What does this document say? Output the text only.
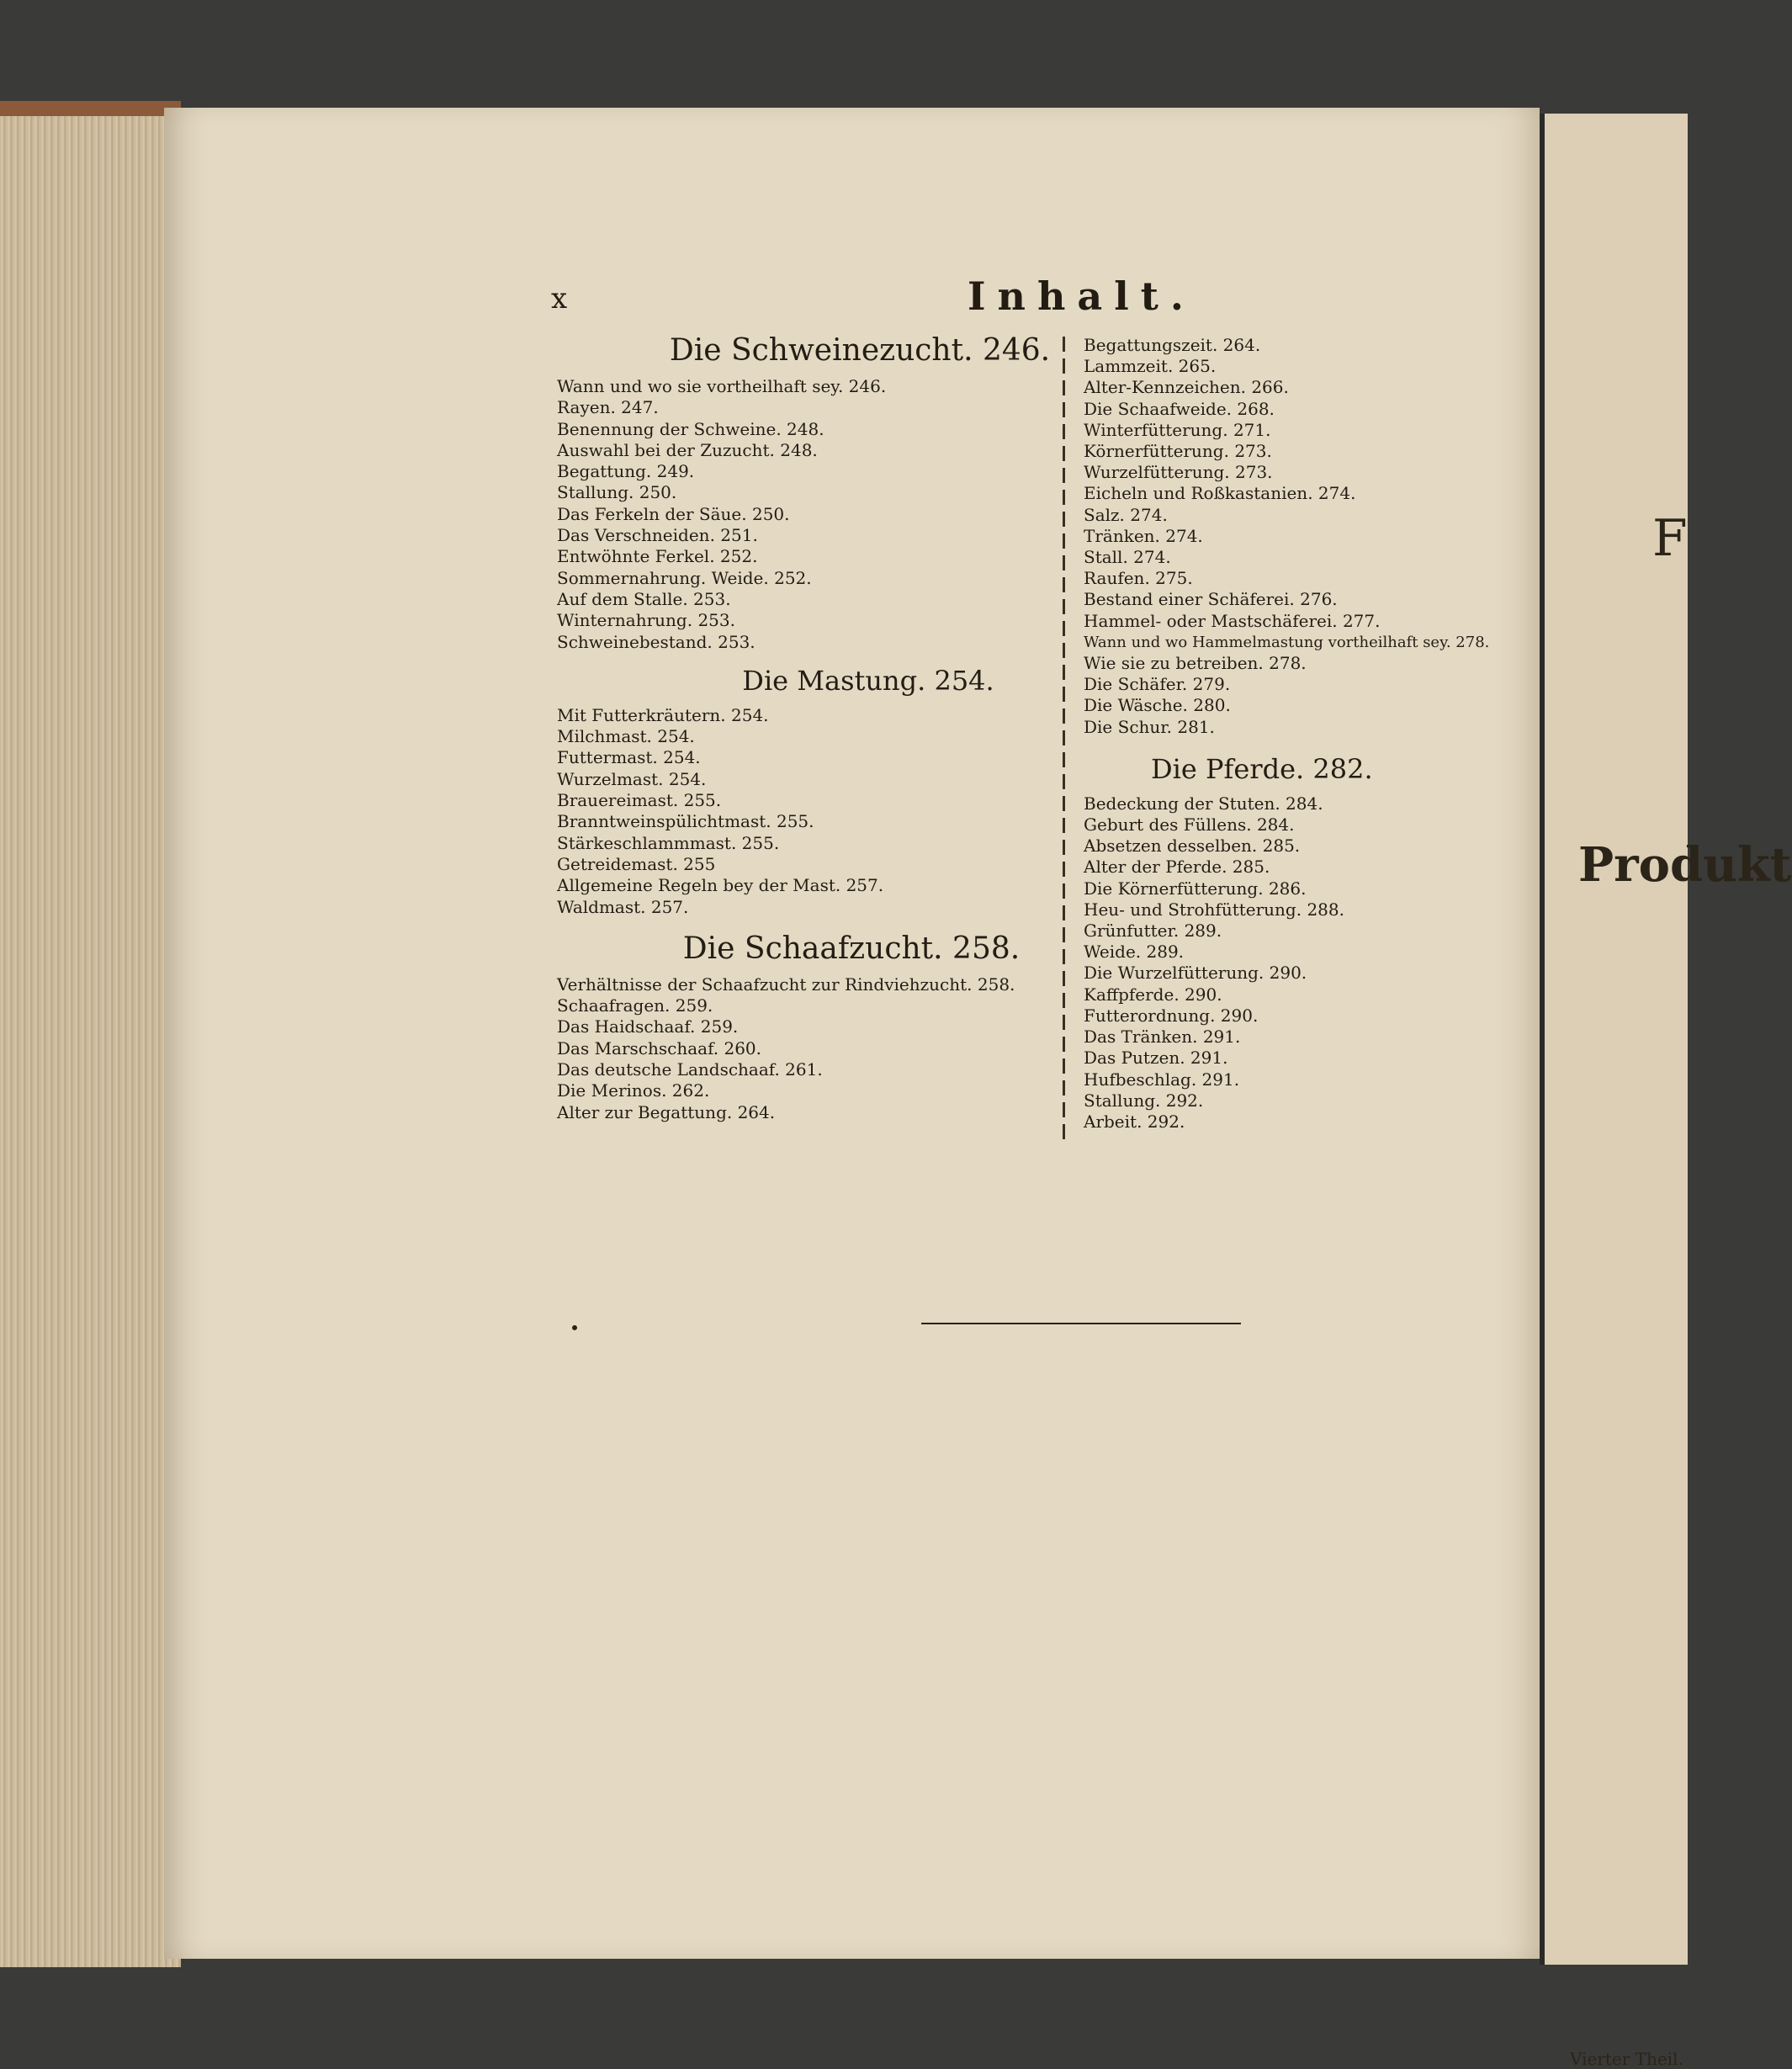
F
Produkt
Vierter Theil.
x	Inhalt.
Die Schweinezucht. 246.
Wann und wo sie vortheilhaft sey. 246.
Rayen. 247.
Benennung der Schweine. 248.
Auswahl bei der Zuzucht. 248.
Begattung. 249.
Stallung. 250.
Das Ferkeln der Säue. 250.
Das Verschneiden. 251.
Entwöhnte Ferkel. 252.
Sommernahrung. Weide. 252.
Auf dem Stalle. 253.
Winternahrung. 253.
Schweinebestand. 253.
Die Mastung. 254.
Mit Futterkräutern. 254.
Milchmast. 254.
Futtermast. 254.
Wurzelmast. 254.
Brauereimast. 255.
Branntweinspülichtmast. 255.
Stärkeschlammmast. 255.
Getreidemast. 255
Allgemeine Regeln bey der Mast. 257.
Waldmast. 257.
Die Schaafzucht. 258.
Verhältnisse der Schaafzucht zur Rindviehzucht. 258.
Schaafragen. 259.
Das Haidschaaf. 259.
Das Marschschaaf. 260.
Das deutsche Landschaaf. 261.
Die Merinos. 262.
Alter zur Begattung. 264.
Begattungszeit. 264.
Lammzeit. 265.
Alter-Kennzeichen. 266.
Die Schaafweide. 268.
Winterfütterung. 271.
Körnerfütterung. 273.
Wurzelfütterung. 273.
Eicheln und Roßkastanien. 274.
Salz. 274.
Tränken. 274.
Stall. 274.
Raufen. 275.
Bestand einer Schäferei. 276.
Hammel- oder Mastschäferei. 277.
Wann und wo Hammelmastung vortheilhaft sey. 278.
Wie sie zu betreiben. 278.
Die Schäfer. 279.
Die Wäsche. 280.
Die Schur. 281.
Die Pferde. 282.
Bedeckung der Stuten. 284.
Geburt des Füllens. 284.
Absetzen desselben. 285.
Alter der Pferde. 285.
Die Körnerfütterung. 286.
Heu- und Strohfütterung. 288.
Grünfutter. 289.
Weide. 289.
Die Wurzelfütterung. 290.
Kaffpferde. 290.
Futterordnung. 290.
Das Tränken. 291.
Das Putzen. 291.
Hufbeschlag. 291.
Stallung. 292.
Arbeit. 292.
